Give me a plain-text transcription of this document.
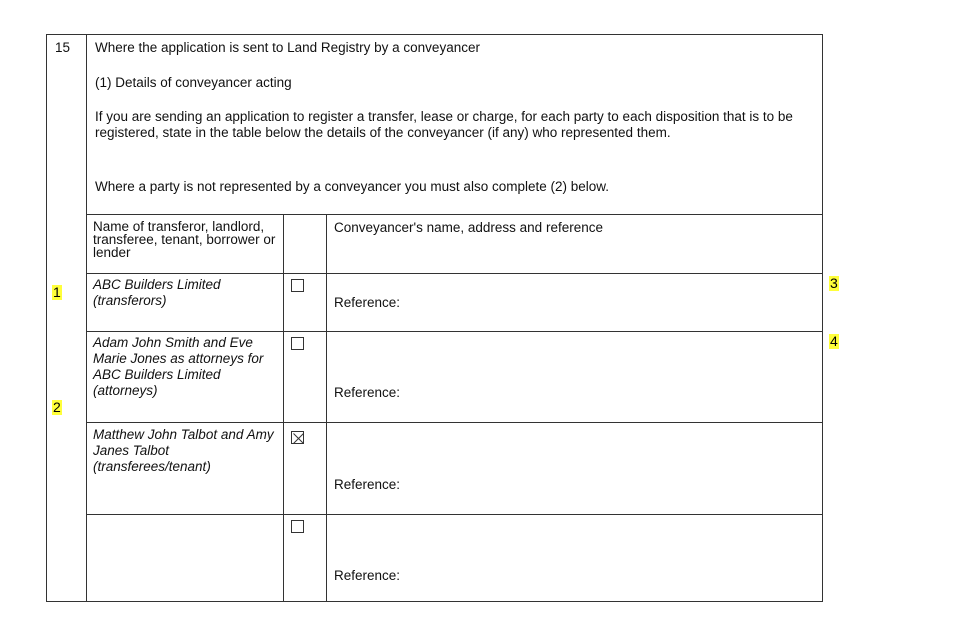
15 Where the application is sent to Land Registry by a conveyancer

(1) Details of conveyancer acting

If you are sending an application to register a transfer, lease or charge, for each party to each disposition that is to be registered, state in the table below the details of the conveyancer (if any) who represented them.

Where a party is not represented by a conveyancer you must also complete (2) below.

Name of transferor, landlord, transferee, tenant, borrower or lender
Conveyancer's name, address and reference
ABC Builders Limited (transferors)	Reference:
Adam John Smith and Eve Marie Jones as attorneys for ABC Builders Limited (attorneys)	Reference:
Matthew John Talbot and Amy Janes Talbot (transferees/tenant)
Reference:
Reference:
1
2
3
4
